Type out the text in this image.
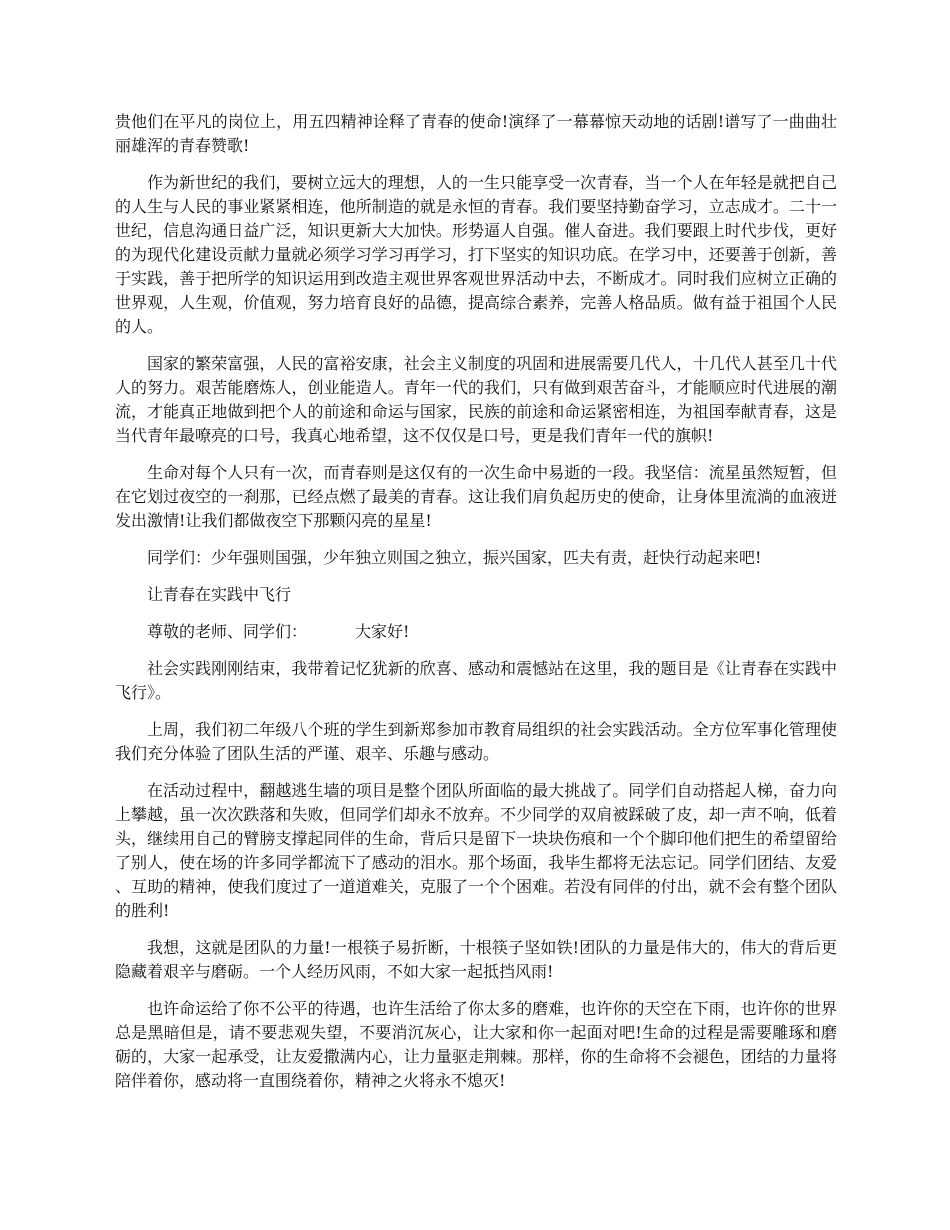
贵他们在平凡的岗位上，用五四精神诠释了青春的使命!演绎了一幕幕惊天动地的话剧!谱写了一曲曲壮丽雄浑的青春赞歌!

作为新世纪的我们，要树立远大的理想，人的一生只能享受一次青春，当一个人在年轻是就把自己的人生与人民的事业紧紧相连，他所制造的就是永恒的青春。我们要坚持勤奋学习，立志成才。二十一世纪，信息沟通日益广泛，知识更新大大加快。形势逼人自强。催人奋进。我们要跟上时代步伐，更好的为现代化建设贡献力量就必须学习学习再学习，打下坚实的知识功底。在学习中，还要善于创新，善于实践，善于把所学的知识运用到改造主观世界客观世界活动中去，不断成才。同时我们应树立正确的世界观，人生观，价值观，努力培育良好的品德，提高综合素养，完善人格品质。做有益于祖国个人民的人。

国家的繁荣富强，人民的富裕安康，社会主义制度的巩固和进展需要几代人，十几代人甚至几十代人的努力。艰苦能磨炼人，创业能造人。青年一代的我们，只有做到艰苦奋斗，才能顺应时代进展的潮流，才能真正地做到把个人的前途和命运与国家，民族的前途和命运紧密相连，为祖国奉献青春，这是当代青年最嘹亮的口号，我真心地希望，这不仅仅是口号，更是我们青年一代的旗帜!

生命对每个人只有一次，而青春则是这仅有的一次生命中易逝的一段。我坚信：流星虽然短暂，但在它划过夜空的一刹那，已经点燃了最美的青春。这让我们肩负起历史的使命，让身体里流淌的血液迸发出激情!让我们都做夜空下那颗闪亮的星星!

同学们：少年强则国强，少年独立则国之独立，振兴国家，匹夫有责，赶快行动起来吧!

让青春在实践中飞行

尊敬的老师、同学们：	大家好!

社会实践刚刚结束，我带着记忆犹新的欣喜、感动和震憾站在这里，我的题目是《让青春在实践中飞行》。

上周，我们初二年级八个班的学生到新郑参加市教育局组织的社会实践活动。全方位军事化管理使我们充分体验了团队生活的严谨、艰辛、乐趣与感动。

在活动过程中，翻越逃生墙的项目是整个团队所面临的最大挑战了。同学们自动搭起人梯，奋力向上攀越，虽一次次跌落和失败，但同学们却永不放弃。不少同学的双肩被踩破了皮，却一声不响，低着头，继续用自己的臂膀支撑起同伴的生命，背后只是留下一块块伤痕和一个个脚印他们把生的希望留给了别人，使在场的许多同学都流下了感动的泪水。那个场面，我毕生都将无法忘记。同学们团结、友爱、互助的精神，使我们度过了一道道难关，克服了一个个困难。若没有同伴的付出，就不会有整个团队的胜利!

我想，这就是团队的力量!一根筷子易折断，十根筷子坚如铁!团队的力量是伟大的，伟大的背后更隐藏着艰辛与磨砺。一个人经历风雨，不如大家一起抵挡风雨!

也许命运给了你不公平的待遇，也许生活给了你太多的磨难，也许你的天空在下雨，也许你的世界总是黑暗但是，请不要悲观失望，不要消沉灰心，让大家和你一起面对吧!生命的过程是需要雕琢和磨砺的，大家一起承受，让友爱撒满内心，让力量驱走荆棘。那样，你的生命将不会褪色，团结的力量将陪伴着你，感动将一直围绕着你，精神之火将永不熄灭!
